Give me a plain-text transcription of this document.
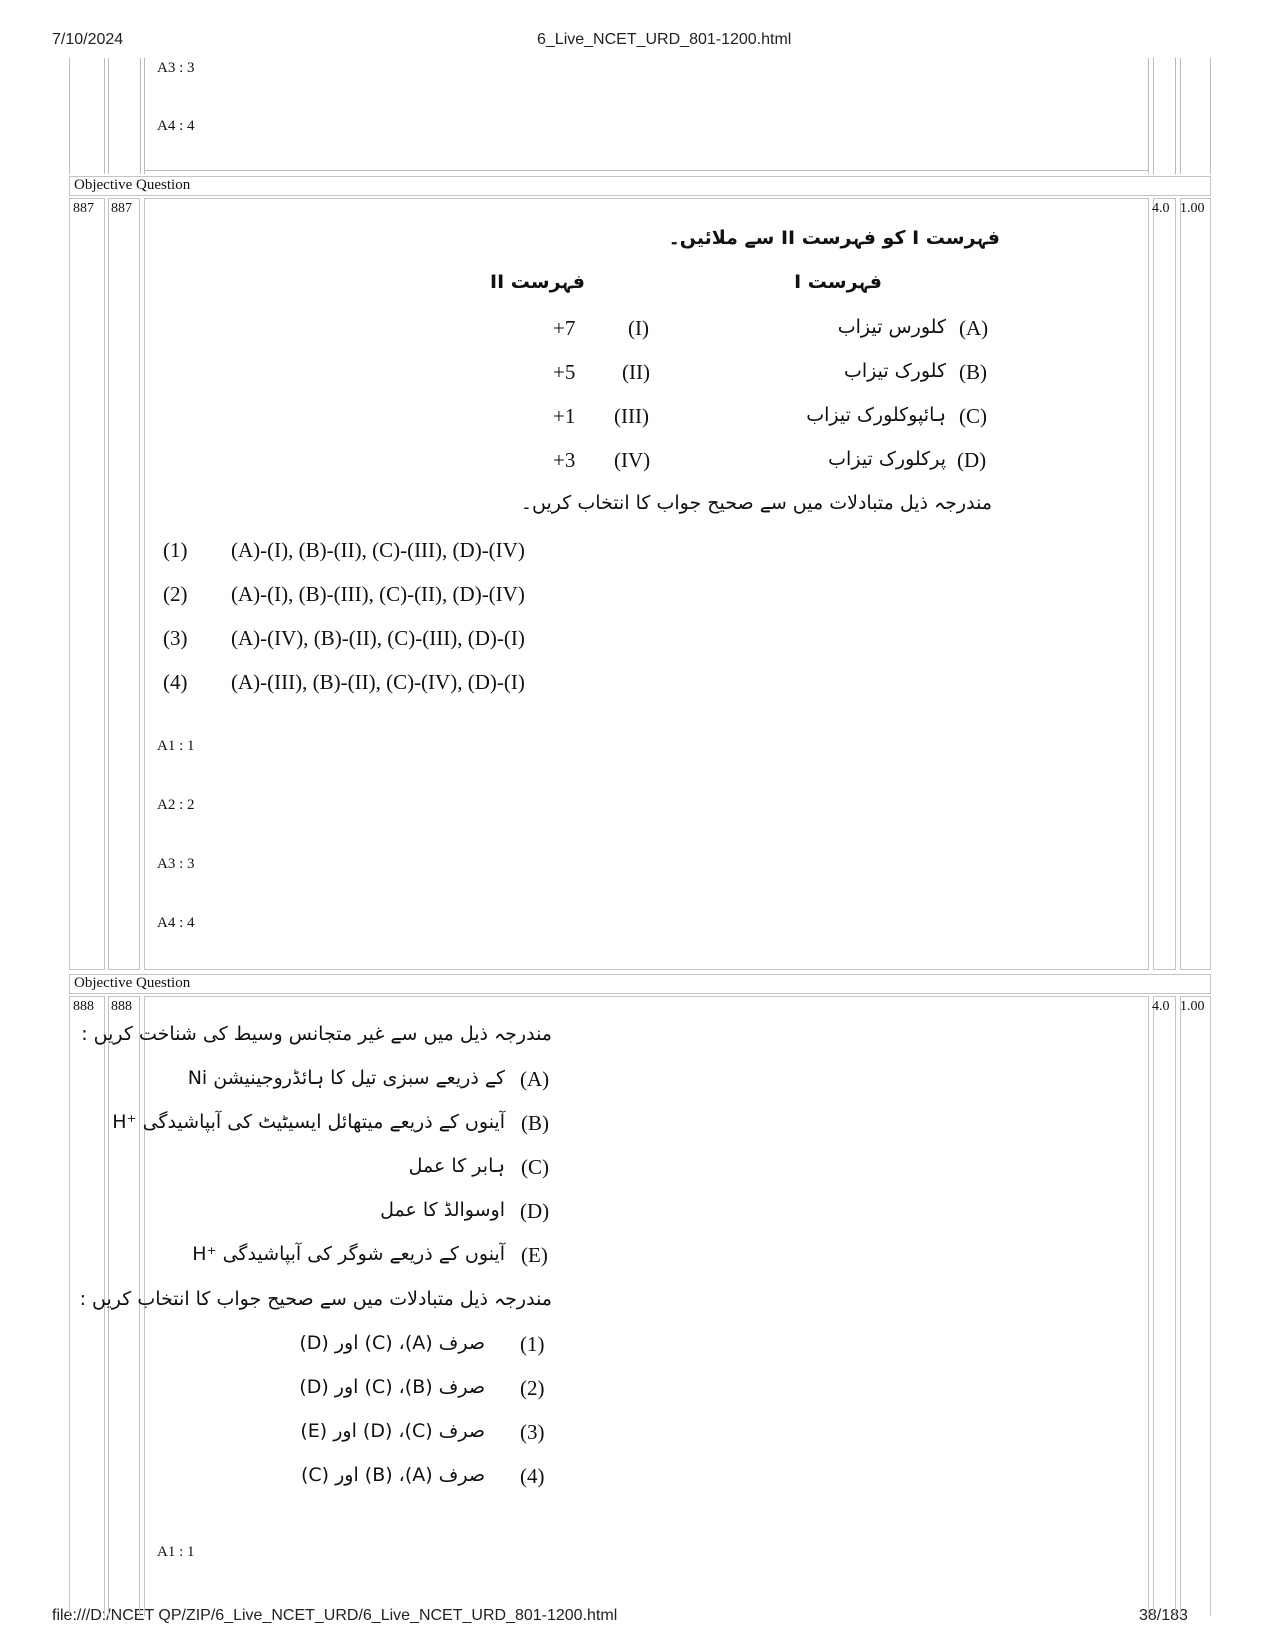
7/10/2024	6_Live_NCET_URD_801-1200.html
file:///D:/NCET QP/ZIP/6_Live_NCET_URD/6_Live_NCET_URD_801-1200.html	38/183
A3 : 3
A4 : 4
Objective Question
887 887	4.0 1.00
فہرست I کو فہرست II سے ملائیں۔
فہرست I
فہرست II
(A)
کلورس تیزاب
(I)
+7
(B)
کلورک تیزاب
(II)
+5
(C)
ہائپوکلورک تیزاب
(III)
+1
(D)
پرکلورک تیزاب
(IV)
+3
مندرجہ ذیل متبادلات میں سے صحیح جواب کا انتخاب کریں۔
(1) (A)-(I), (B)-(II), (C)-(III), (D)-(IV)
(2) (A)-(I), (B)-(III), (C)-(II), (D)-(IV)
(3) (A)-(IV), (B)-(II), (C)-(III), (D)-(I)
(4) (A)-(III), (B)-(II), (C)-(IV), (D)-(I)
A1 : 1
A2 : 2
A3 : 3
A4 : 4
Objective Question
888 888	4.0 1.00
مندرجہ ذیل میں سے غیر متجانس وسیط کی شناخت کریں :
(A)
Ni کے ذریعے سبزی تیل کا ہائڈروجینیشن
(B)
H⁺ آینوں کے ذریعے میتھائل ایسیٹیٹ کی آبپاشیدگی
(C)
ہابر کا عمل
(D)
اوسوالڈ کا عمل
(E)
H⁺ آینوں کے ذریعے شوگر کی آبپاشیدگی
مندرجہ ذیل متبادلات میں سے صحیح جواب کا انتخاب کریں :
(1)
صرف (A)، (C) اور (D)
(2)
صرف (B)، (C) اور (D)
(3)
صرف (C)، (D) اور (E)
(4)
صرف (A)، (B) اور (C)
A1 : 1
